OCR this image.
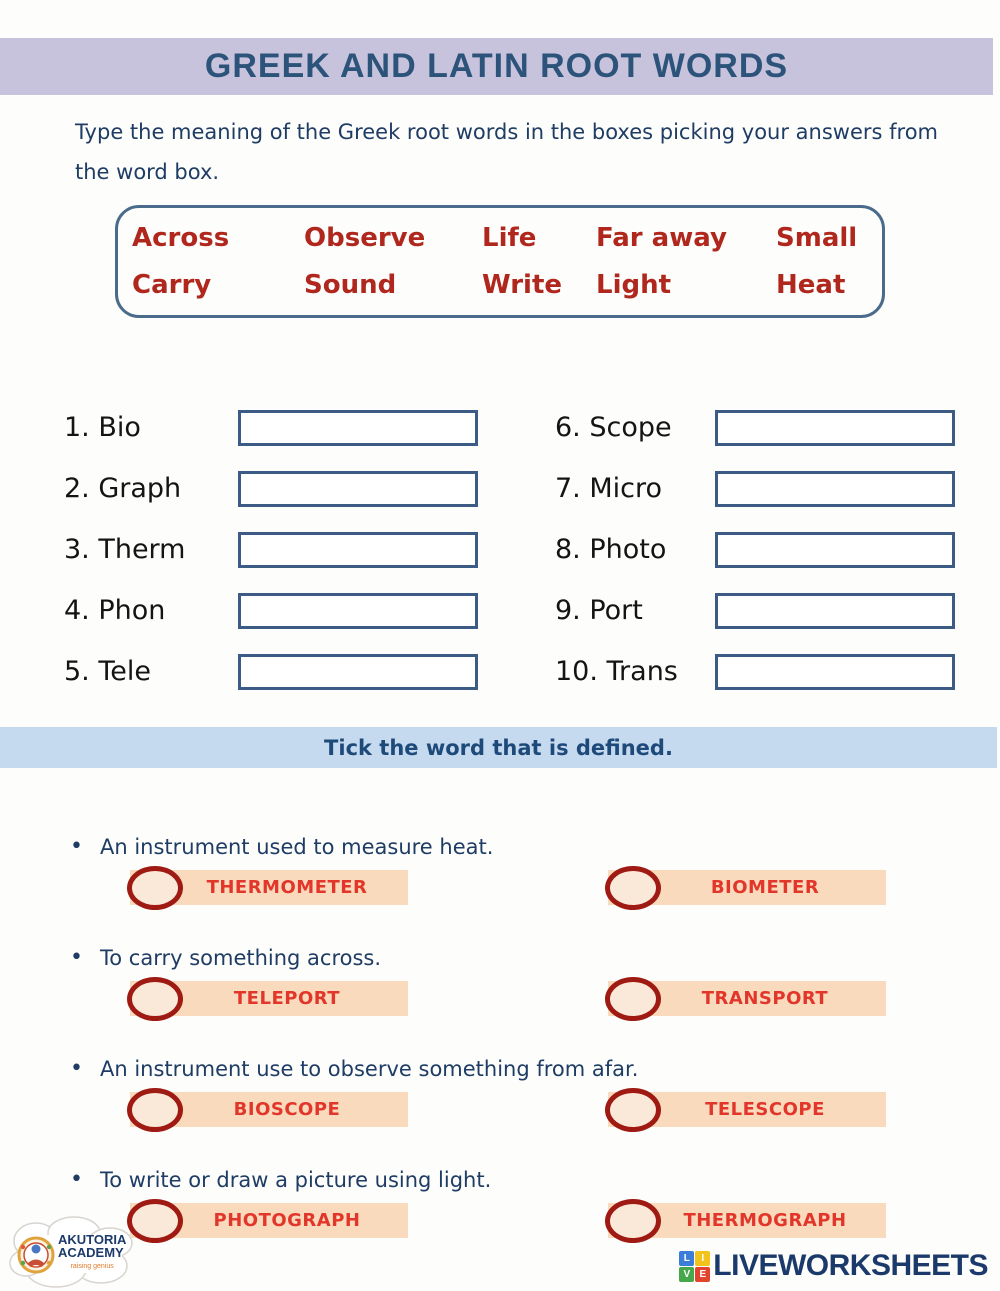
GREEK AND LATIN ROOT WORDS

Type the meaning of the Greek root words in the boxes picking your answers from the word box.

Across	Observe	Life	Far away	Small
Carry	Sound	Write	Light	Heat
1. Bio
2. Graph
3. Therm
4. Phon
5. Tele
6. Scope
7. Micro
8. Photo
9. Port
10. Trans
Tick the word that is defined.
• An instrument used to measure heat.
THERMOMETER	BIOMETER
• To carry something across.
TELEPORT	TRANSPORT
• An instrument use to observe something from afar.
BIOSCOPE	TELESCOPE
• To write or draw a picture using light.
PHOTOGRAPH	THERMOGRAPH
AKUTORIA
ACADEMY
raising genius
L	I
V E LIVEWORKSHEETS
